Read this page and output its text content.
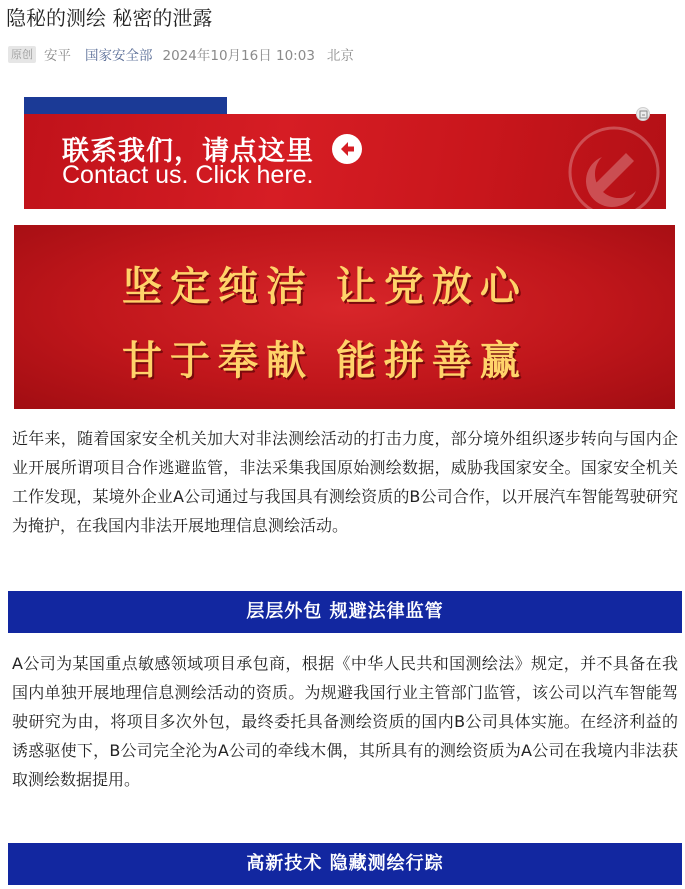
隐秘的测绘 秘密的泄露
原创 安平 国家安全部 2024年10月16日 10:03 北京
联系我们，请点这里
Contact us. Click here.
坚定纯洁 让党放心
甘于奉献 能拼善赢
近年来，随着国家安全机关加大对非法测绘活动的打击力度，部分境外组织逐步转向与国内企业开展所谓项目合作逃避监管，非法采集我国原始测绘数据，威胁我国家安全。国家安全机关工作发现，某境外企业A公司通过与我国具有测绘资质的B公司合作，以开展汽车智能驾驶研究为掩护，在我国内非法开展地理信息测绘活动。
层层外包 规避法律监管
A公司为某国重点敏感领域项目承包商，根据《中华人民共和国测绘法》规定，并不具备在我国内单独开展地理信息测绘活动的资质。为规避我国行业主管部门监管，该公司以汽车智能驾驶研究为由，将项目多次外包，最终委托具备测绘资质的国内B公司具体实施。在经济利益的诱惑驱使下，B公司完全沦为A公司的牵线木偶，其所具有的测绘资质为A公司在我境内非法获取测绘数据提用。
高新技术 隐藏测绘行踪
